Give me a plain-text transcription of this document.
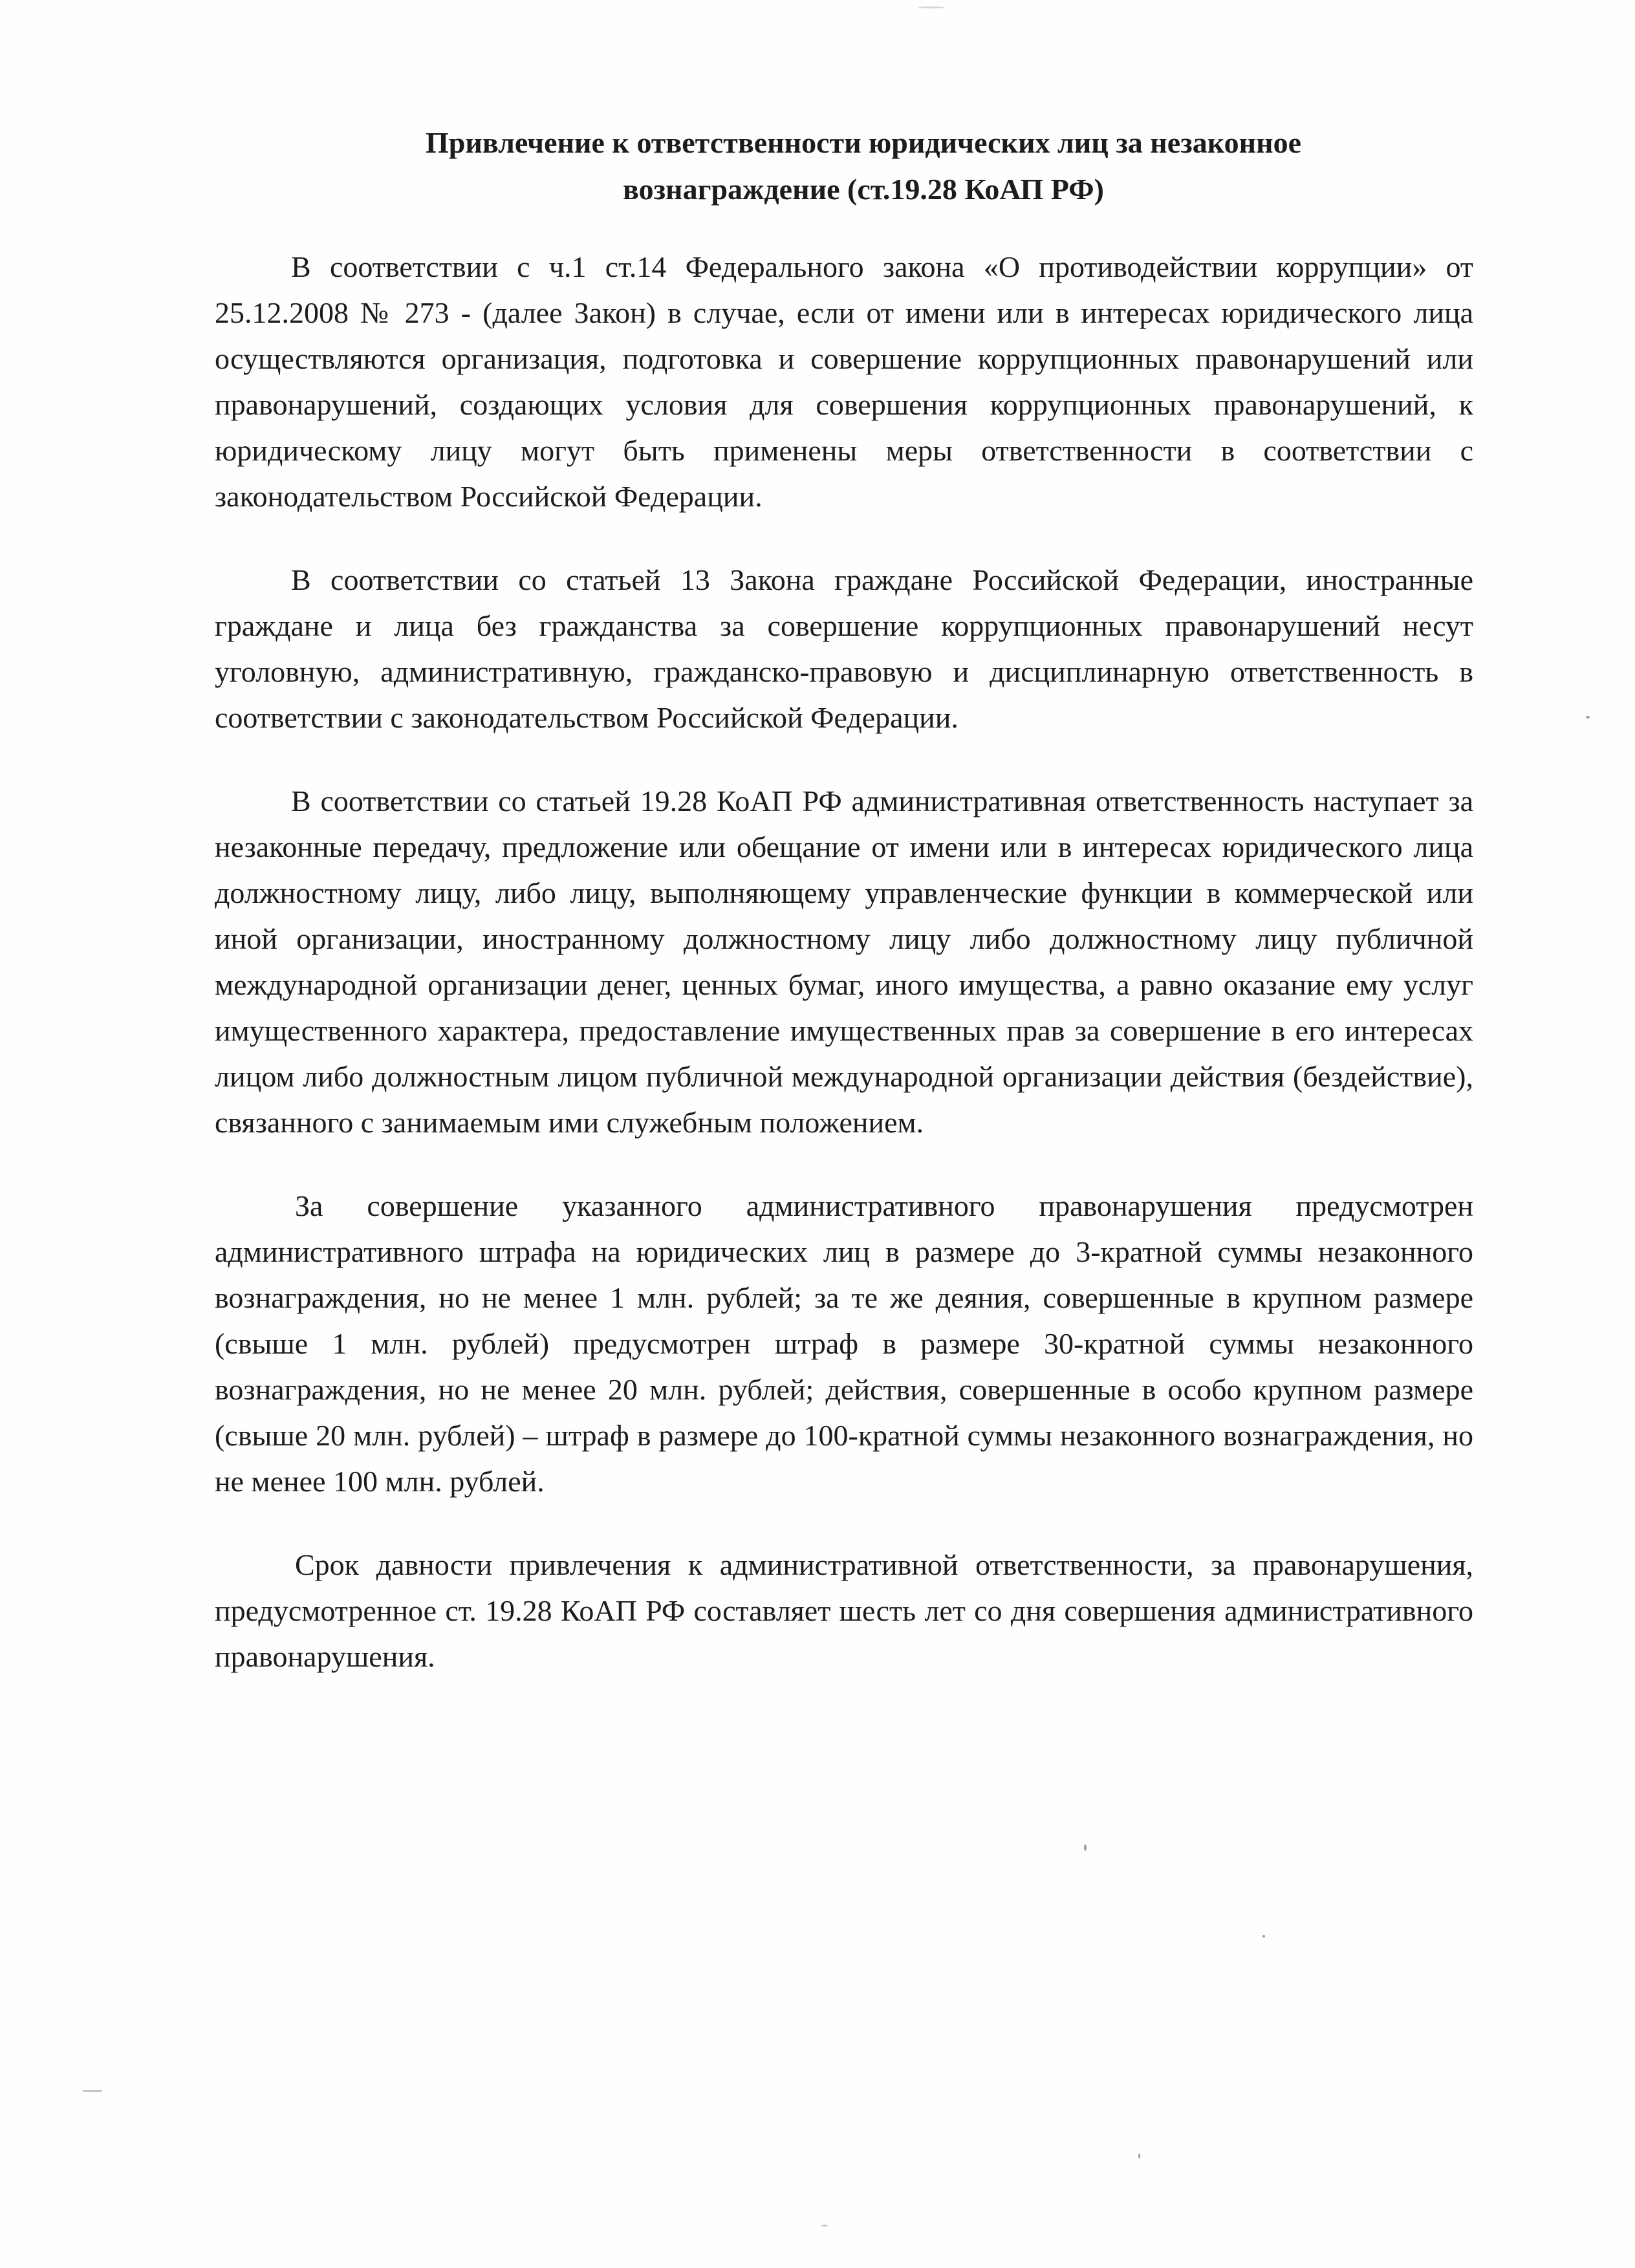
Привлечение к ответственности юридических лиц за незаконное
вознаграждение (ст.19.28 КоАП РФ)

В соответствии с ч.1 ст.14 Федерального закона «О противодействии коррупции» от 25.12.2008 № 273 - (далее Закон) в случае, если от имени или в интересах юридического лица осуществляются организация, подготовка и совершение коррупционных правонарушений или правонарушений, создающих условия для совершения коррупционных правонарушений, к юридическому лицу могут быть применены меры ответственности в соответствии с законодательством Российской Федерации.

В соответствии со статьей 13 Закона граждане Российской Федерации, иностранные граждане и лица без гражданства за совершение коррупционных правонарушений несут уголовную, административную, гражданско-правовую и дисциплинарную ответственность в соответствии с законодательством Российской Федерации.

В соответствии со статьей 19.28 КоАП РФ административная ответственность наступает за незаконные передачу, предложение или обещание от имени или в интересах юридического лица должностному лицу, либо лицу, выполняющему управленческие функции в коммерческой или иной организации, иностранному должностному лицу либо должностному лицу публичной международной организации денег, ценных бумаг, иного имущества, а равно оказание ему услуг имущественного характера, предоставление имущественных прав за совершение в его интересах лицом либо должностным лицом публичной международной организации действия (бездействие), связанного с занимаемым ими служебным положением.

За совершение указанного административного правонарушения предусмотрен административного штрафа на юридических лиц в размере до 3-кратной суммы незаконного вознаграждения, но не менее 1 млн. рублей; за те же деяния, совершенные в крупном размере (свыше 1 млн. рублей) предусмотрен штраф в размере 30-кратной суммы незаконного вознаграждения, но не менее 20 млн. рублей; действия, совершенные в особо крупном размере (свыше 20 млн. рублей) – штраф в размере до 100-кратной суммы незаконного вознаграждения, но не менее 100 млн. рублей.

Срок давности привлечения к административной ответственности, за правонарушения, предусмотренное ст. 19.28 КоАП РФ составляет шесть лет со дня совершения административного правонарушения.
